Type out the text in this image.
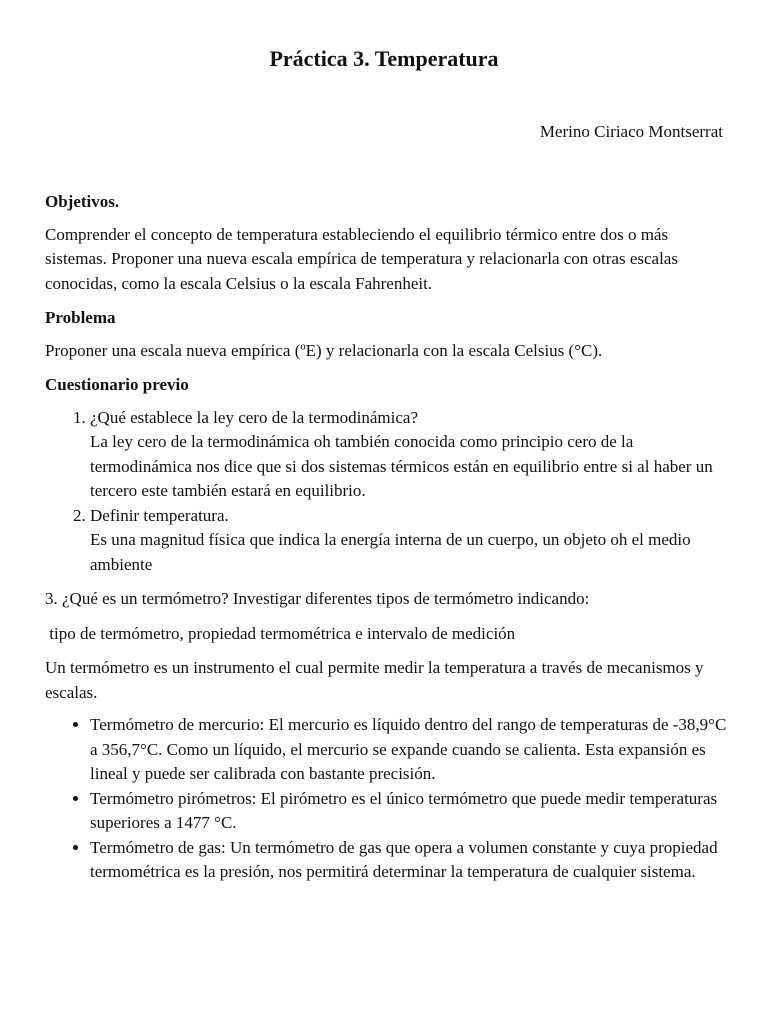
Práctica 3. Temperatura
Merino Ciriaco Montserrat
Objetivos.
Comprender el concepto de temperatura estableciendo el equilibrio térmico entre dos o más sistemas. Proponer una nueva escala empírica de temperatura y relacionarla con otras escalas conocidas, como la escala Celsius o la escala Fahrenheit.
Problema
Proponer una escala nueva empírica (ºE) y relacionarla con la escala Celsius (°C).
Cuestionario previo
1. ¿Qué establece la ley cero de la termodinámica?
La ley cero de la termodinámica oh también conocida como principio cero de la termodinámica nos dice que si dos sistemas térmicos están en equilibrio entre si al haber un tercero este también estará en equilibrio.
2. Definir temperatura.
Es una magnitud física que indica la energía interna de un cuerpo, un objeto oh el medio ambiente
3. ¿Qué es un termómetro? Investigar diferentes tipos de termómetro indicando:
tipo de termómetro, propiedad termométrica e intervalo de medición
Un termómetro es un instrumento el cual permite medir la temperatura a través de mecanismos y escalas.
• Termómetro de mercurio: El mercurio es líquido dentro del rango de temperaturas de -38,9°C a 356,7°C. Como un líquido, el mercurio se expande cuando se calienta. Esta expansión es lineal y puede ser calibrada con bastante precisión.
• Termómetro pirómetros: El pirómetro es el único termómetro que puede medir temperaturas superiores a 1477 °C.
• Termómetro de gas: Un termómetro de gas que opera a volumen constante y cuya propiedad termométrica es la presión, nos permitirá determinar la temperatura de cualquier sistema.
